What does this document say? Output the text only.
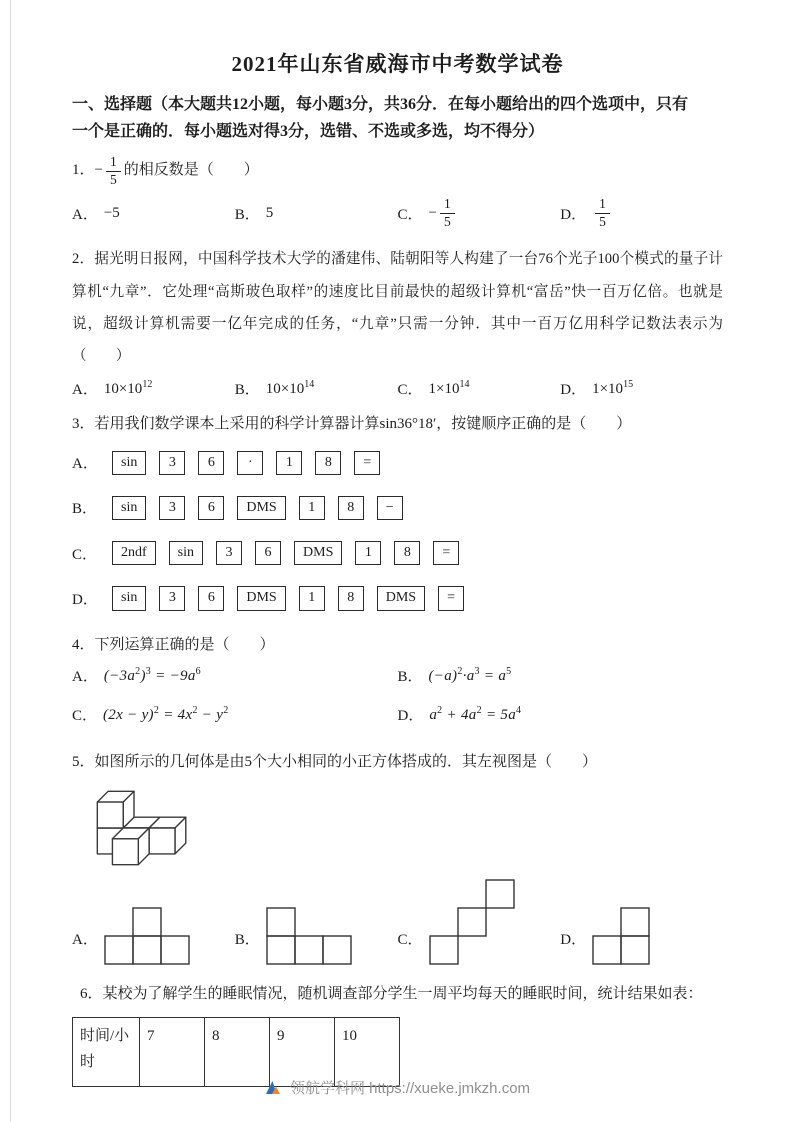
2021年山东省威海市中考数学试卷
一、选择题（本大题共12小题，每小题3分，共36分．在每小题给出的四个选项中，只有
一个是正确的．每小题选对得3分，选错、不选或多选，均不得分）
1． − $\frac{1}{5}$ 的相反数是（　　）
A． −5	B． 5	C． − $\frac{1}{5}$	D． $\frac{1}{5}$
2．据光明日报网，中国科学技术大学的潘建伟、陆朝阳等人构建了一台76个光子100个模式的量子计算机“九章”．它处理“高斯玻色取样”的速度比目前最快的超级计算机“富岳”快一百万亿倍。也就是说，超级计算机需要一亿年完成的任务，“九章”只需一分钟．其中一百万亿用科学记数法表示为（　　）
A． $10\times 10^{12}$	B． $10\times 10^{14}$	C． $1\times 10^{14}$	D． $1\times 10^{15}$
3．若用我们数学课本上采用的科学计算器计算sin36°18′，按键顺序正确的是（　　）
A．	sin 3 6 · 1 8 =
B．	sin 3 6 DMS 1 8 −
C．	2ndf sin 3 6 DMS 1 8 =
D．	sin 3 6 DMS 1 8 DMS =
4．下列运算正确的是（　　）
A． $(-3a^2)^3 = -9a^6$	B． $(-a)^2\cdot a^3 = a^5$
C． $(2x - y)^2 = 4x^2 - y^2$	D． $a^2 + 4a^2 = 5a^4$
5．如图所示的几何体是由5个大小相同的小正方体搭成的．其左视图是（　　）
A．	B．	C．	D．
6．某校为了解学生的睡眠情况，随机调查部分学生一周平均每天的睡眠时间，统计结果如表：
时间/小时	7	8	9	10
领航学科网 https://xueke.jmkzh.com
